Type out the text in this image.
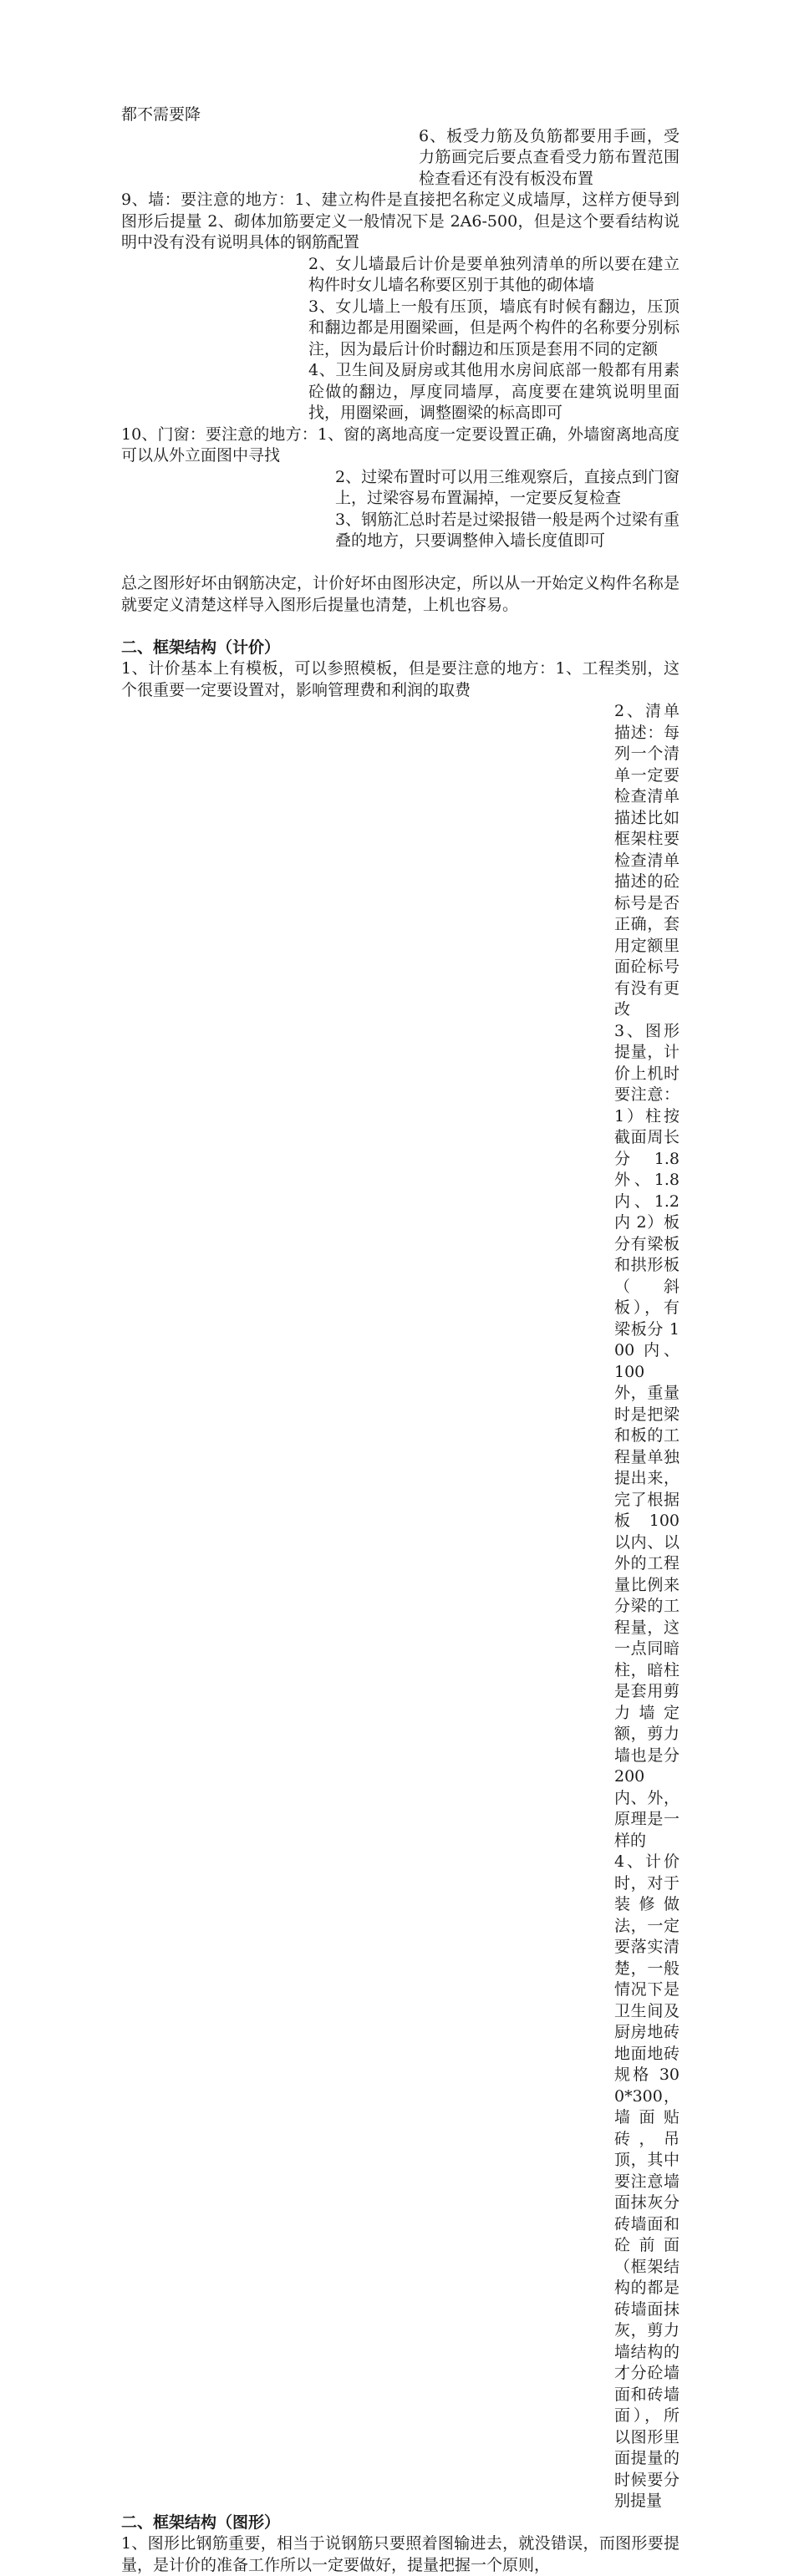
都不需要降

6、板受力筋及负筋都要用手画，受力筋画完后要点查看受力筋布置范围检查看还有没有板没布置

9、墙：要注意的地方：1、建立构件是直接把名称定义成墙厚，这样方便导到图形后提量 2、砌体加筋要定义一般情况下是 2A6-500，但是这个要看结构说明中没有没有说明具体的钢筋配置

2、女儿墙最后计价是要单独列清单的所以要在建立构件时女儿墙名称要区别于其他的砌体墙

3、女儿墙上一般有压顶，墙底有时候有翻边，压顶和翻边都是用圈梁画，但是两个构件的名称要分别标注，因为最后计价时翻边和压顶是套用不同的定额

4、卫生间及厨房或其他用水房间底部一般都有用素砼做的翻边，厚度同墙厚，高度要在建筑说明里面找，用圈梁画，调整圈梁的标高即可

10、门窗：要注意的地方：1、窗的离地高度一定要设置正确，外墙窗离地高度可以从外立面图中寻找

2、过梁布置时可以用三维观察后，直接点到门窗上，过梁容易布置漏掉，一定要反复检查

3、钢筋汇总时若是过梁报错一般是两个过梁有重叠的地方，只要调整伸入墙长度值即可

总之图形好坏由钢筋决定，计价好坏由图形决定，所以从一开始定义构件名称是就要定义清楚这样导入图形后提量也清楚，上机也容易。

二、框架结构（计价）

1、计价基本上有模板，可以参照模板，但是要注意的地方：1、工程类别，这个很重要一定要设置对，影响管理费和利润的取费

2、清单描述：每列一个清单一定要检查清单描述比如框架柱要检查清单描述的砼标号是否正确，套用定额里面砼标号有没有更改

3、图形提量，计价上机时要注意：1）柱按截面周长分 1.8 外、1.8 内、1.2 内 2）板分有梁板和拱形板（斜板），有梁板分 100 内、100 外，重量时是把梁和板的工程量单独提出来，完了根据板 100 以内、以外的工程量比例来分梁的工程量，这一点同暗柱，暗柱是套用剪力墙定额，剪力墙也是分 200 内、外，原理是一样的

4、计价时，对于装修做法，一定要落实清楚，一般情况下是卫生间及厨房地砖地面地砖规格 300*300，墙面贴砖，吊顶，其中要注意墙面抹灰分砖墙面和砼前面（框架结构的都是砖墙面抹灰，剪力墙结构的才分砼墙面和砖墙面），所以图形里面提量的时候要分别提量

二、框架结构（图形）

1、图形比钢筋重要，相当于说钢筋只要照着图输进去，就没错误，而图形要提量，是计价的准备工作所以一定要做好，提量把握一个原则，
